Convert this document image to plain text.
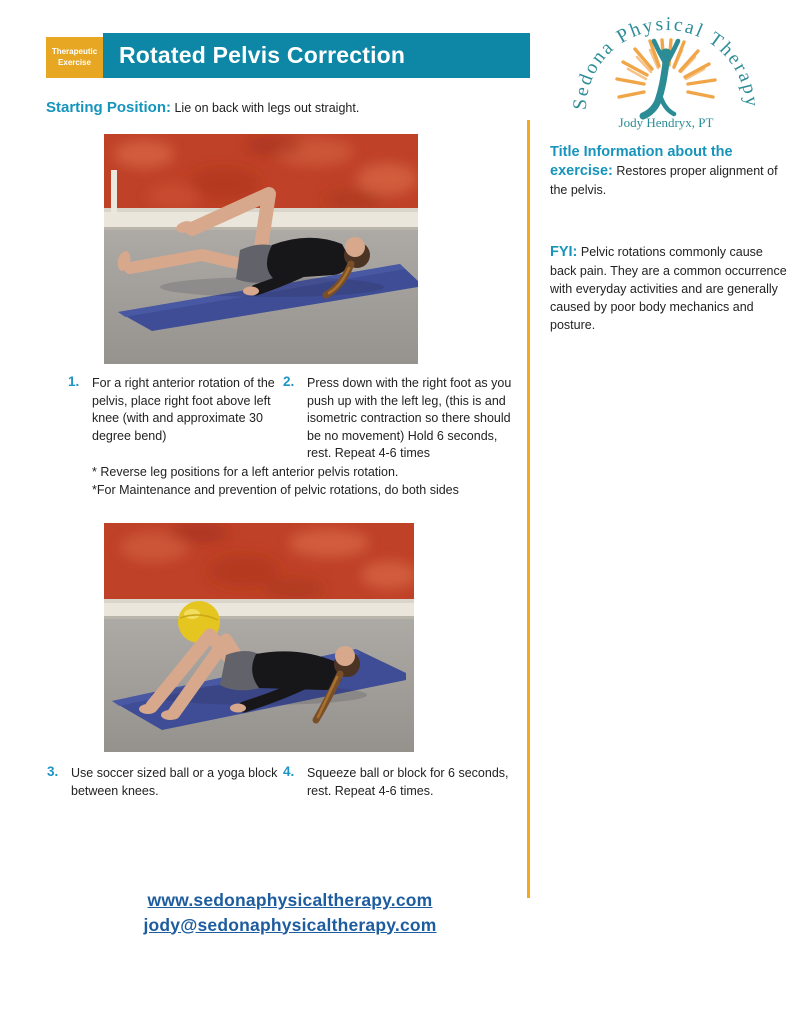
Therapeutic
Exercise Rotated Pelvis Correction
Sedona Physical Therapy
Jody Hendryx, PT
Starting Position: Lie on back with legs out straight.
Title Information about the exercise: Restores proper alignment of the pelvis.
FYI: Pelvic rotations commonly cause back pain. They are a common occurrence with everyday activities and are generally caused by poor body mechanics and posture.
1. For a right anterior rotation of the pelvis, place right foot above left knee (with and approximate 30 degree bend)
2. Press down with the right foot as you push up with the left leg, (this is and isometric contraction so there should be no movement) Hold 6 seconds, rest. Repeat 4-6 times
* Reverse leg positions for a left anterior pelvis rotation.
*For Maintenance and prevention of pelvic rotations, do both sides
3. Use soccer sized ball or a yoga block between knees.
4. Squeeze ball or block for 6 seconds, rest. Repeat 4-6 times.
www.sedonaphysicaltherapy.com
jody@sedonaphysicaltherapy.com
